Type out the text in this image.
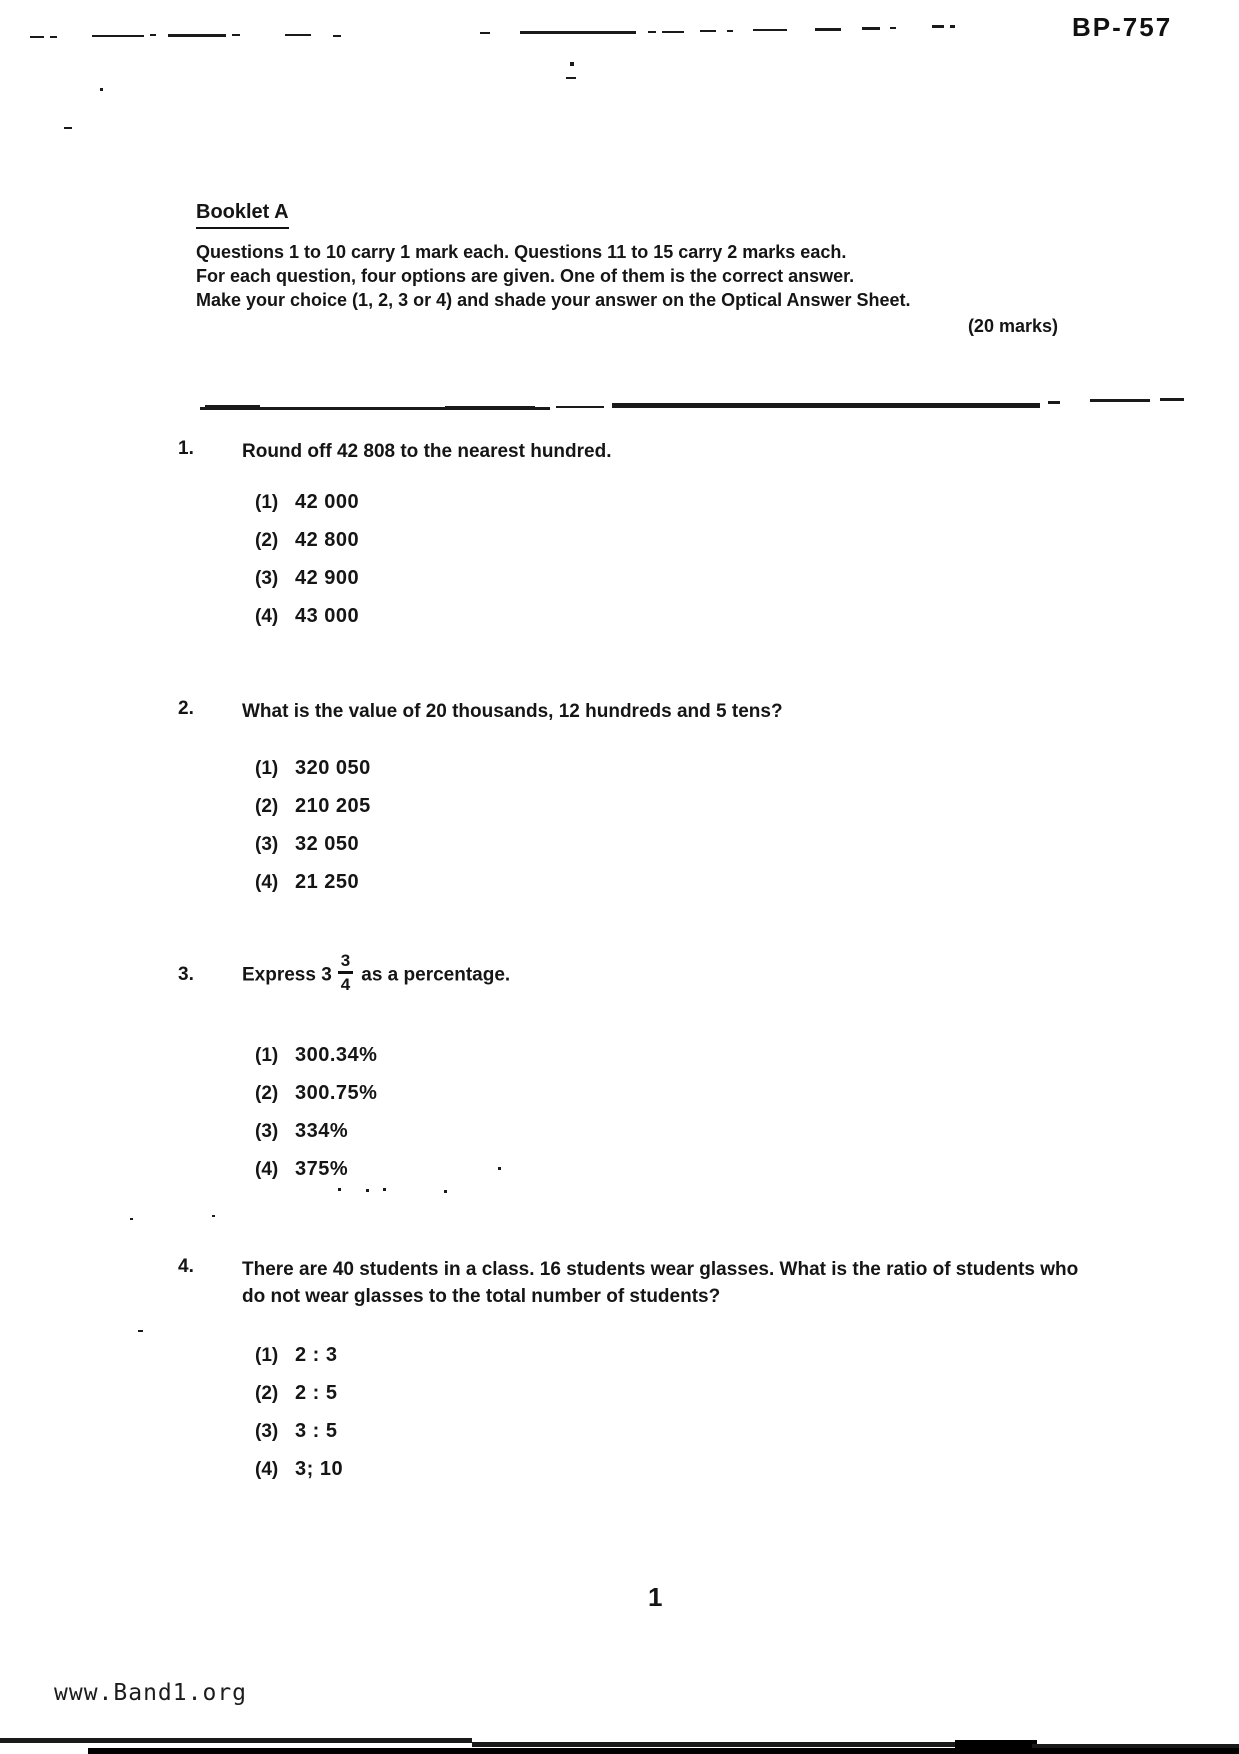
BP-757
Booklet A
Questions 1 to 10 carry 1 mark each. Questions 11 to 15 carry 2 marks each.
For each question, four options are given. One of them is the correct answer.
Make your choice (1, 2, 3 or 4) and shade your answer on the Optical Answer Sheet.
(20 marks)
1.	Round off 42 808 to the nearest hundred.
(1) 42 000
(2) 42 800
(3) 42 900
(4) 43 000
2.	What is the value of 20 thousands, 12 hundreds and 5 tens?
(1) 320 050
(2) 210 205
(3) 32 050
(4) 21 250
3.	Express $3 \frac{3}{4}$ as a percentage.
(1) 300.34%
(2) 300.75%
(3) 334%
(4) 375%
4.	There are 40 students in a class. 16 students wear glasses. What is the ratio of students who do not wear glasses to the total number of students?
(1) 2 : 3
(2) 2 : 5
(3) 3 : 5
(4) 3; 10
1
www.Band1.org
